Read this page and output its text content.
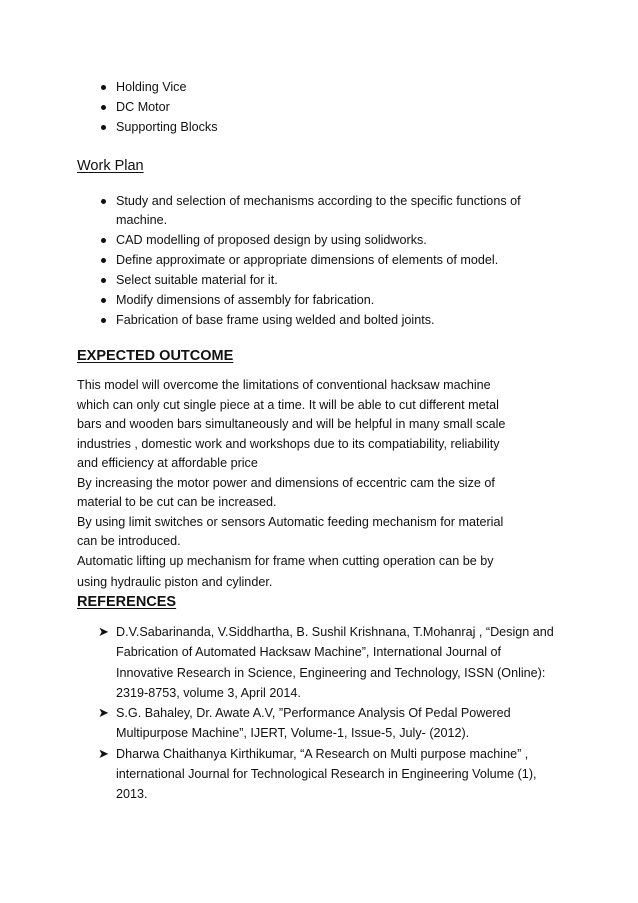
Holding Vice
DC Motor
Supporting Blocks
Work Plan
Study and selection of mechanisms according to the specific functions of machine.
CAD modelling of proposed design by using solidworks.
Define approximate or appropriate dimensions of elements of model.
Select suitable material for it.
Modify dimensions of assembly for fabrication.
Fabrication of base frame using welded and bolted joints.
EXPECTED OUTCOME
This model will overcome the limitations of conventional hacksaw machine
which can only cut single piece at a time. It will be able to cut different metal
bars and wooden bars simultaneously and will be helpful in many small scale
industries , domestic work and workshops due to its compatiability, reliability
and efficiency at affordable price
By increasing the motor power and dimensions of eccentric cam the size of
material to be cut can be increased.
By using limit switches or sensors Automatic feeding mechanism for material
can be introduced.
Automatic lifting up mechanism for frame when cutting operation can be by
using hydraulic piston and cylinder.
REFERENCES
➤ D.V.Sabarinanda, V.Siddhartha, B. Sushil Krishnana, T.Mohanraj , “Design and Fabrication of Automated Hacksaw Machine”, International Journal of Innovative Research in Science, Engineering and Technology, ISSN (Online): 2319-8753, volume 3, April 2014.
➤ S.G. Bahaley, Dr. Awate A.V, ”Performance Analysis Of Pedal Powered Multipurpose Machine”, IJERT, Volume-1, Issue-5, July- (2012).
➤ Dharwa Chaithanya Kirthikumar, “A Research on Multi purpose machine” , international Journal for Technological Research in Engineering Volume (1), 2013.
